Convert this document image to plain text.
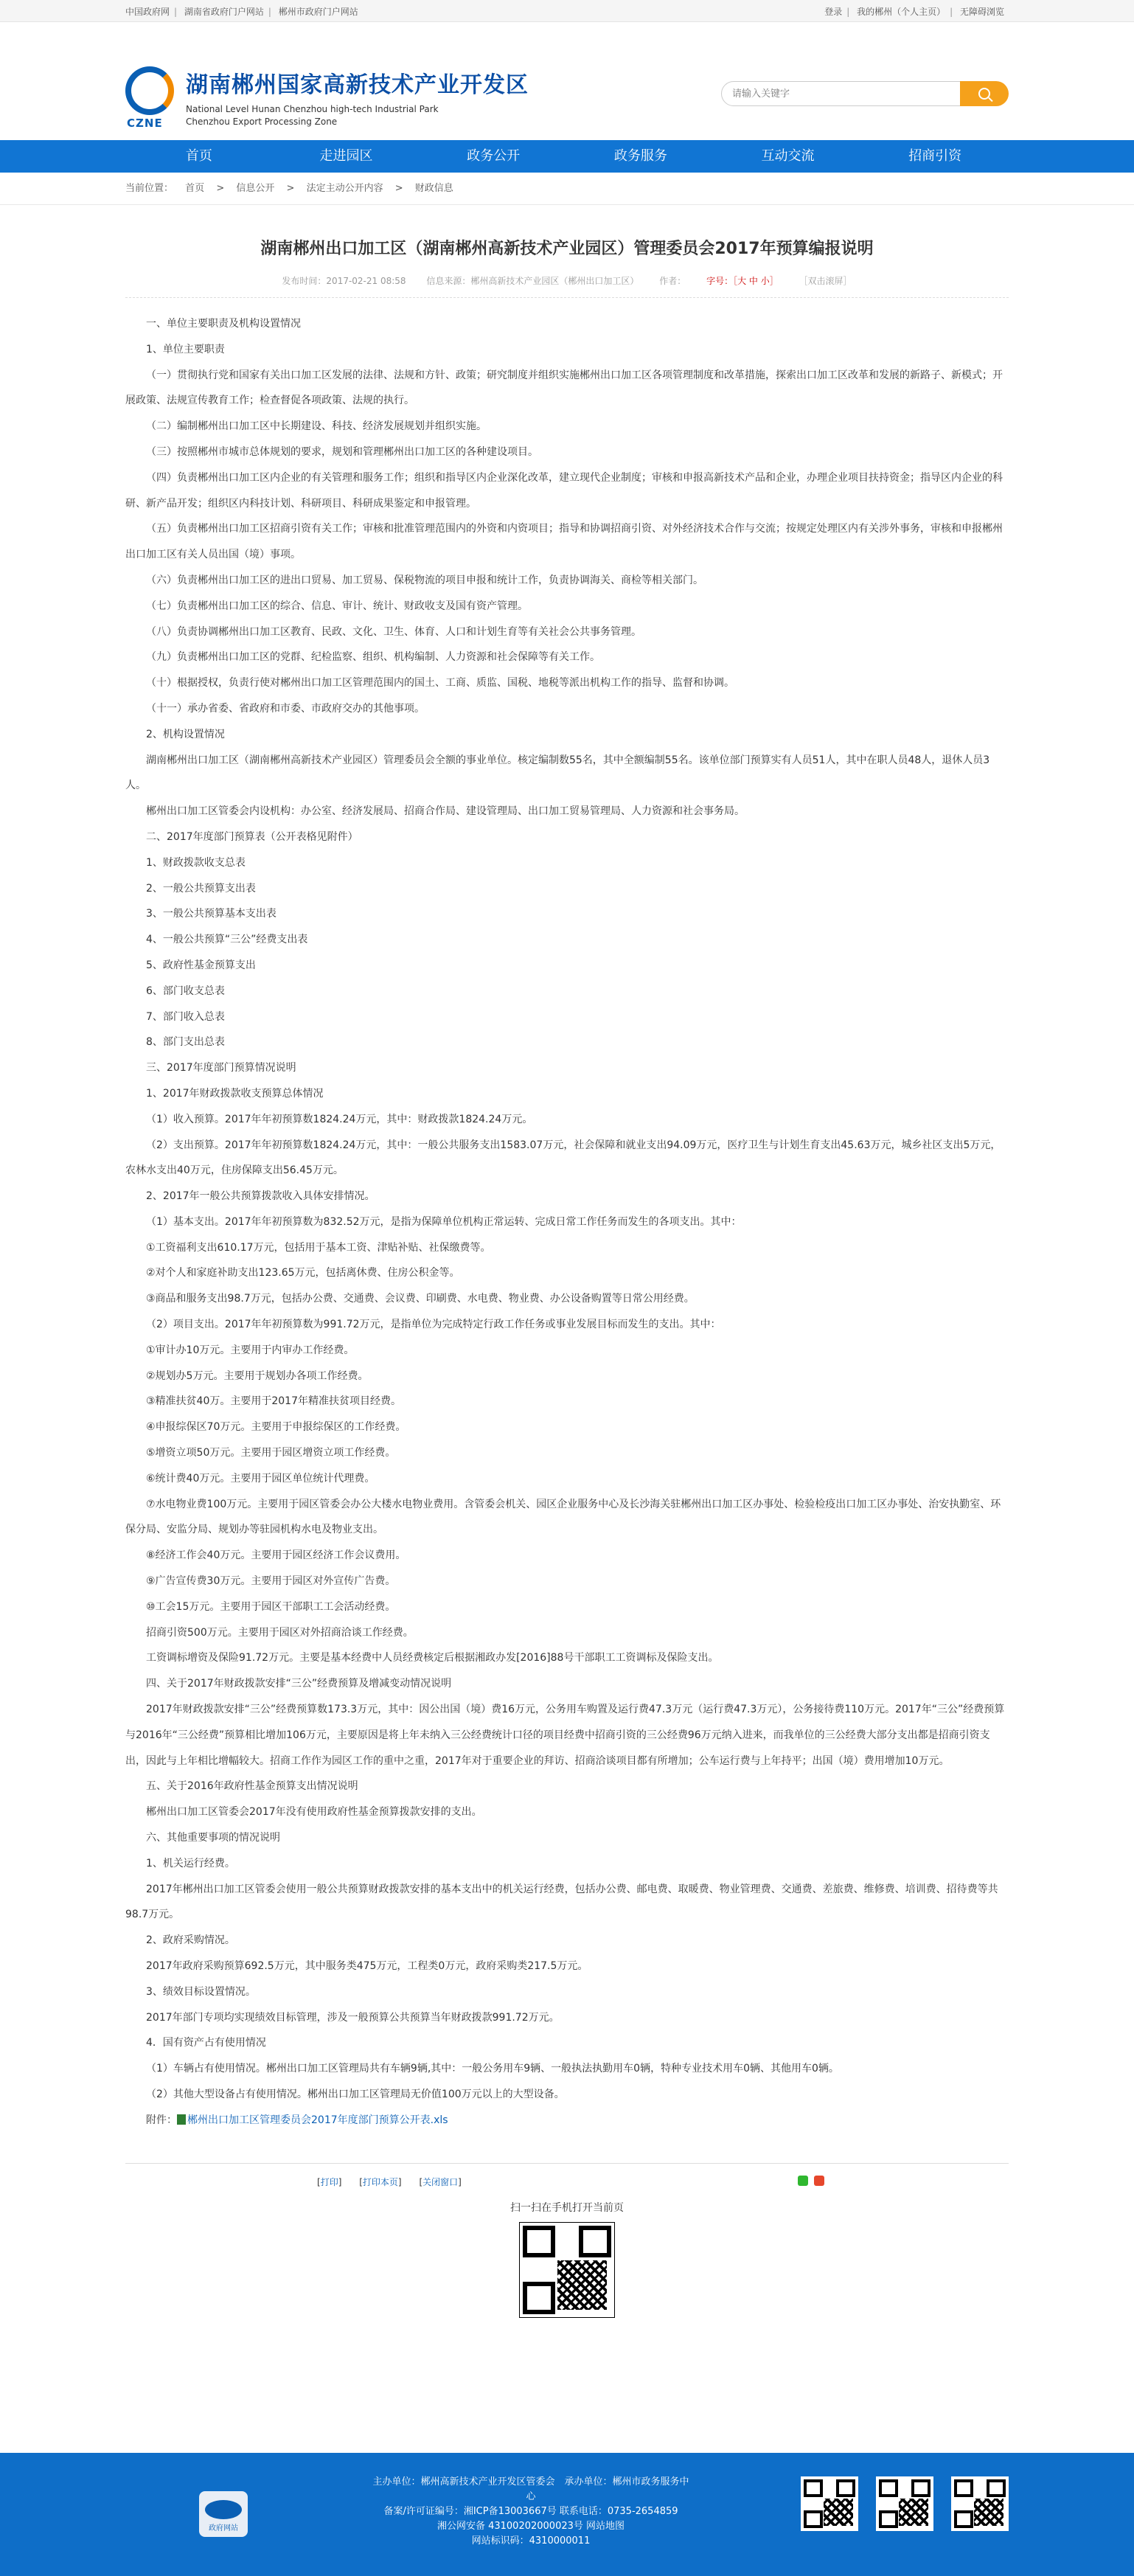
中国政府网 | 湖南省政府门户网站 | 郴州市政府门户网站	登录 | 我的郴州（个人主页） | 无障碍浏览
CZNE
湖南郴州国家高新技术产业开发区
National Level Hunan Chenzhou high-tech Industrial Park
Chenzhou Export Processing Zone
请输入关键字
首页	走进园区	政务公开	政务服务	互动交流	招商引资
当前位置： 首页 > 信息公开 > 法定主动公开内容 > 财政信息
湖南郴州出口加工区（湖南郴州高新技术产业园区）管理委员会2017年预算编报说明
发布时间：2017-02-21 08:58 信息来源：郴州高新技术产业园区（郴州出口加工区） 作者： 字号：［大 中 小］ ［双击滚屏］

一、单位主要职责及机构设置情况

1、单位主要职责

（一）贯彻执行党和国家有关出口加工区发展的法律、法规和方针、政策；研究制度并组织实施郴州出口加工区各项管理制度和改革措施，探索出口加工区改革和发展的新路子、新模式；开展政策、法规宣传教育工作；检查督促各项政策、法规的执行。

（二）编制郴州出口加工区中长期建设、科技、经济发展规划并组织实施。

（三）按照郴州市城市总体规划的要求，规划和管理郴州出口加工区的各种建设项目。

（四）负责郴州出口加工区内企业的有关管理和服务工作；组织和指导区内企业深化改革，建立现代企业制度；审核和申报高新技术产品和企业，办理企业项目扶持资金；指导区内企业的科研、新产品开发；组织区内科技计划、科研项目、科研成果鉴定和申报管理。

（五）负责郴州出口加工区招商引资有关工作；审核和批准管理范围内的外资和内资项目；指导和协调招商引资、对外经济技术合作与交流；按规定处理区内有关涉外事务，审核和申报郴州出口加工区有关人员出国（境）事项。

（六）负责郴州出口加工区的进出口贸易、加工贸易、保税物流的项目申报和统计工作，负责协调海关、商检等相关部门。

（七）负责郴州出口加工区的综合、信息、审计、统计、财政收支及国有资产管理。

（八）负责协调郴州出口加工区教育、民政、文化、卫生、体育、人口和计划生育等有关社会公共事务管理。

（九）负责郴州出口加工区的党群、纪检监察、组织、机构编制、人力资源和社会保障等有关工作。

（十）根据授权，负责行使对郴州出口加工区管理范围内的国土、工商、质监、国税、地税等派出机构工作的指导、监督和协调。

（十一）承办省委、省政府和市委、市政府交办的其他事项。

2、机构设置情况

湖南郴州出口加工区（湖南郴州高新技术产业园区）管理委员会全额的事业单位。核定编制数55名，其中全额编制55名。该单位部门预算实有人员51人，其中在职人员48人，退休人员3人。

郴州出口加工区管委会内设机构：办公室、经济发展局、招商合作局、建设管理局、出口加工贸易管理局、人力资源和社会事务局。

二、2017年度部门预算表（公开表格见附件）

1、财政拨款收支总表

2、一般公共预算支出表

3、一般公共预算基本支出表

4、一般公共预算“三公”经费支出表

5、政府性基金预算支出

6、部门收支总表

7、部门收入总表

8、部门支出总表

三、2017年度部门预算情况说明

1、2017年财政拨款收支预算总体情况

（1）收入预算。2017年年初预算数1824.24万元，其中：财政拨款1824.24万元。

（2）支出预算。2017年年初预算数1824.24万元，其中：一般公共服务支出1583.07万元，社会保障和就业支出94.09万元，医疗卫生与计划生育支出45.63万元，城乡社区支出5万元，农林水支出40万元，住房保障支出56.45万元。

2、2017年一般公共预算拨款收入具体安排情况。

（1）基本支出。2017年年初预算数为832.52万元，是指为保障单位机构正常运转、完成日常工作任务而发生的各项支出。其中：

①工资福利支出610.17万元，包括用于基本工资、津贴补贴、社保缴费等。

②对个人和家庭补助支出123.65万元，包括离休费、住房公积金等。

③商品和服务支出98.7万元，包括办公费、交通费、会议费、印刷费、水电费、物业费、办公设备购置等日常公用经费。

（2）项目支出。2017年年初预算数为991.72万元，是指单位为完成特定行政工作任务或事业发展目标而发生的支出。其中：

①审计办10万元。主要用于内审办工作经费。

②规划办5万元。主要用于规划办各项工作经费。

③精准扶贫40万。主要用于2017年精准扶贫项目经费。

④申报综保区70万元。主要用于申报综保区的工作经费。

⑤增资立项50万元。主要用于园区增资立项工作经费。

⑥统计费40万元。主要用于园区单位统计代理费。

⑦水电物业费100万元。主要用于园区管委会办公大楼水电物业费用。含管委会机关、园区企业服务中心及长沙海关驻郴州出口加工区办事处、检验检疫出口加工区办事处、治安执勤室、环保分局、安监分局、规划办等驻园机构水电及物业支出。

⑧经济工作会40万元。主要用于园区经济工作会议费用。

⑨广告宣传费30万元。主要用于园区对外宣传广告费。

⑩工会15万元。主要用于园区干部职工工会活动经费。

招商引资500万元。主要用于园区对外招商洽谈工作经费。

工资调标增资及保险91.72万元。主要是基本经费中人员经费核定后根据湘政办发[2016]88号干部职工工资调标及保险支出。

四、关于2017年财政拨款安排“三公”经费预算及增减变动情况说明

2017年财政拨款安排“三公”经费预算数173.3万元，其中：因公出国（境）费16万元，公务用车购置及运行费47.3万元（运行费47.3万元），公务接待费110万元。2017年“三公”经费预算与2016年“三公经费”预算相比增加106万元，主要原因是将上年未纳入三公经费统计口径的项目经费中招商引资的三公经费96万元纳入进来，而我单位的三公经费大部分支出都是招商引资支出，因此与上年相比增幅较大。招商工作作为园区工作的重中之重，2017年对于重要企业的拜访、招商洽谈项目都有所增加；公车运行费与上年持平；出国（境）费用增加10万元。

五、关于2016年政府性基金预算支出情况说明

郴州出口加工区管委会2017年没有使用政府性基金预算拨款安排的支出。

六、其他重要事项的情况说明

1、机关运行经费。

2017年郴州出口加工区管委会使用一般公共预算财政拨款安排的基本支出中的机关运行经费，包括办公费、邮电费、取暖费、物业管理费、交通费、差旅费、维修费、培训费、招待费等共98.7万元。

2、政府采购情况。

2017年政府采购预算692.5万元，其中服务类475万元，工程类0万元，政府采购类217.5万元。

3、绩效目标设置情况。

2017年部门专项均实现绩效目标管理，涉及一般预算公共预算当年财政拨款991.72万元。

4．国有资产占有使用情况

（1）车辆占有使用情况。郴州出口加工区管理局共有车辆9辆,其中：一般公务用车9辆、一般执法执勤用车0辆，特种专业技术用车0辆、其他用车0辆。

（2）其他大型设备占有使用情况。郴州出口加工区管理局无价值100万元以上的大型设备。

附件： 郴州出口加工区管理委员会2017年度部门预算公开表.xls

[打印] [打印本页] [关闭窗口]

扫一扫在手机打开当前页
政府网站
主办单位：郴州高新技术产业开发区管委会　承办单位：郴州市政务服务中心
备案/许可证编号：湘ICP备13003667号 联系电话：0735-2654859
湘公网安备 43100202000023号 网站地图
网站标识码：4310000011
